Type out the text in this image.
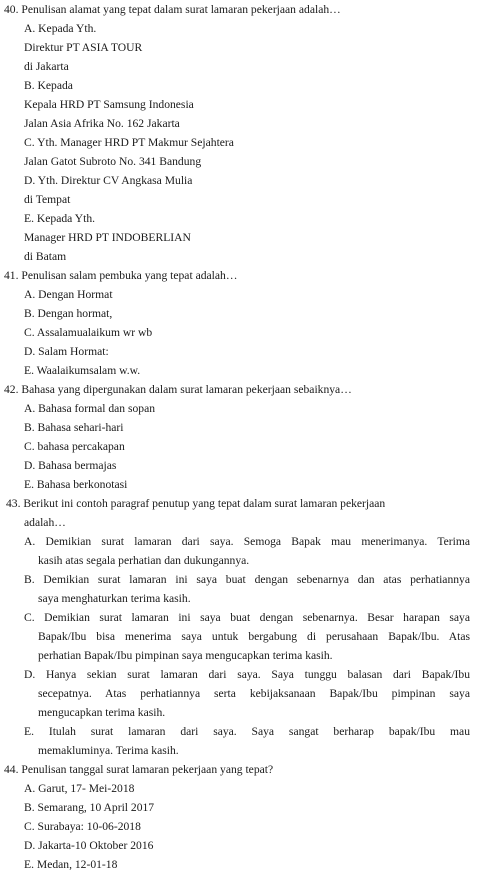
40. Penulisan alamat yang tepat dalam surat lamaran pekerjaan adalah…
A. Kepada Yth.
Direktur PT ASIA TOUR
di Jakarta
B. Kepada
Kepala HRD PT Samsung Indonesia
Jalan Asia Afrika No. 162 Jakarta
C. Yth. Manager HRD PT Makmur Sejahtera
Jalan Gatot Subroto No. 341 Bandung
D. Yth. Direktur CV Angkasa Mulia
di Tempat
E. Kepada Yth.
Manager HRD PT INDOBERLIAN
di Batam
41. Penulisan salam pembuka yang tepat adalah…
A. Dengan Hormat
B. Dengan hormat,
C. Assalamualaikum wr wb
D. Salam Hormat:
E. Waalaikumsalam w.w.
42. Bahasa yang dipergunakan dalam surat lamaran pekerjaan sebaiknya…
A. Bahasa formal dan sopan
B. Bahasa sehari-hari
C. bahasa percakapan
D. Bahasa bermajas
E. Bahasa berkonotasi
43. Berikut ini contoh paragraf penutup yang tepat dalam surat lamaran pekerjaan
adalah…
A. Demikian surat lamaran dari saya. Semoga Bapak mau menerimanya. Terima
kasih atas segala perhatian dan dukungannya.
B. Demikian surat lamaran ini saya buat dengan sebenarnya dan atas perhatiannya
saya menghaturkan terima kasih.
C. Demikian surat lamaran ini saya buat dengan sebenarnya. Besar harapan saya
Bapak/Ibu bisa menerima saya untuk bergabung di perusahaan Bapak/Ibu. Atas
perhatian Bapak/Ibu pimpinan saya mengucapkan terima kasih.
D. Hanya sekian surat lamaran dari saya. Saya tunggu balasan dari Bapak/Ibu
secepatnya. Atas perhatiannya serta kebijaksanaan Bapak/Ibu pimpinan saya
mengucapkan terima kasih.
E. Itulah surat lamaran dari saya. Saya sangat berharap bapak/Ibu mau
memakluminya. Terima kasih.
44. Penulisan tanggal surat lamaran pekerjaan yang tepat?
A. Garut, 17- Mei-2018
B. Semarang, 10 April 2017
C. Surabaya: 10-06-2018
D. Jakarta-10 Oktober 2016
E. Medan, 12-01-18
